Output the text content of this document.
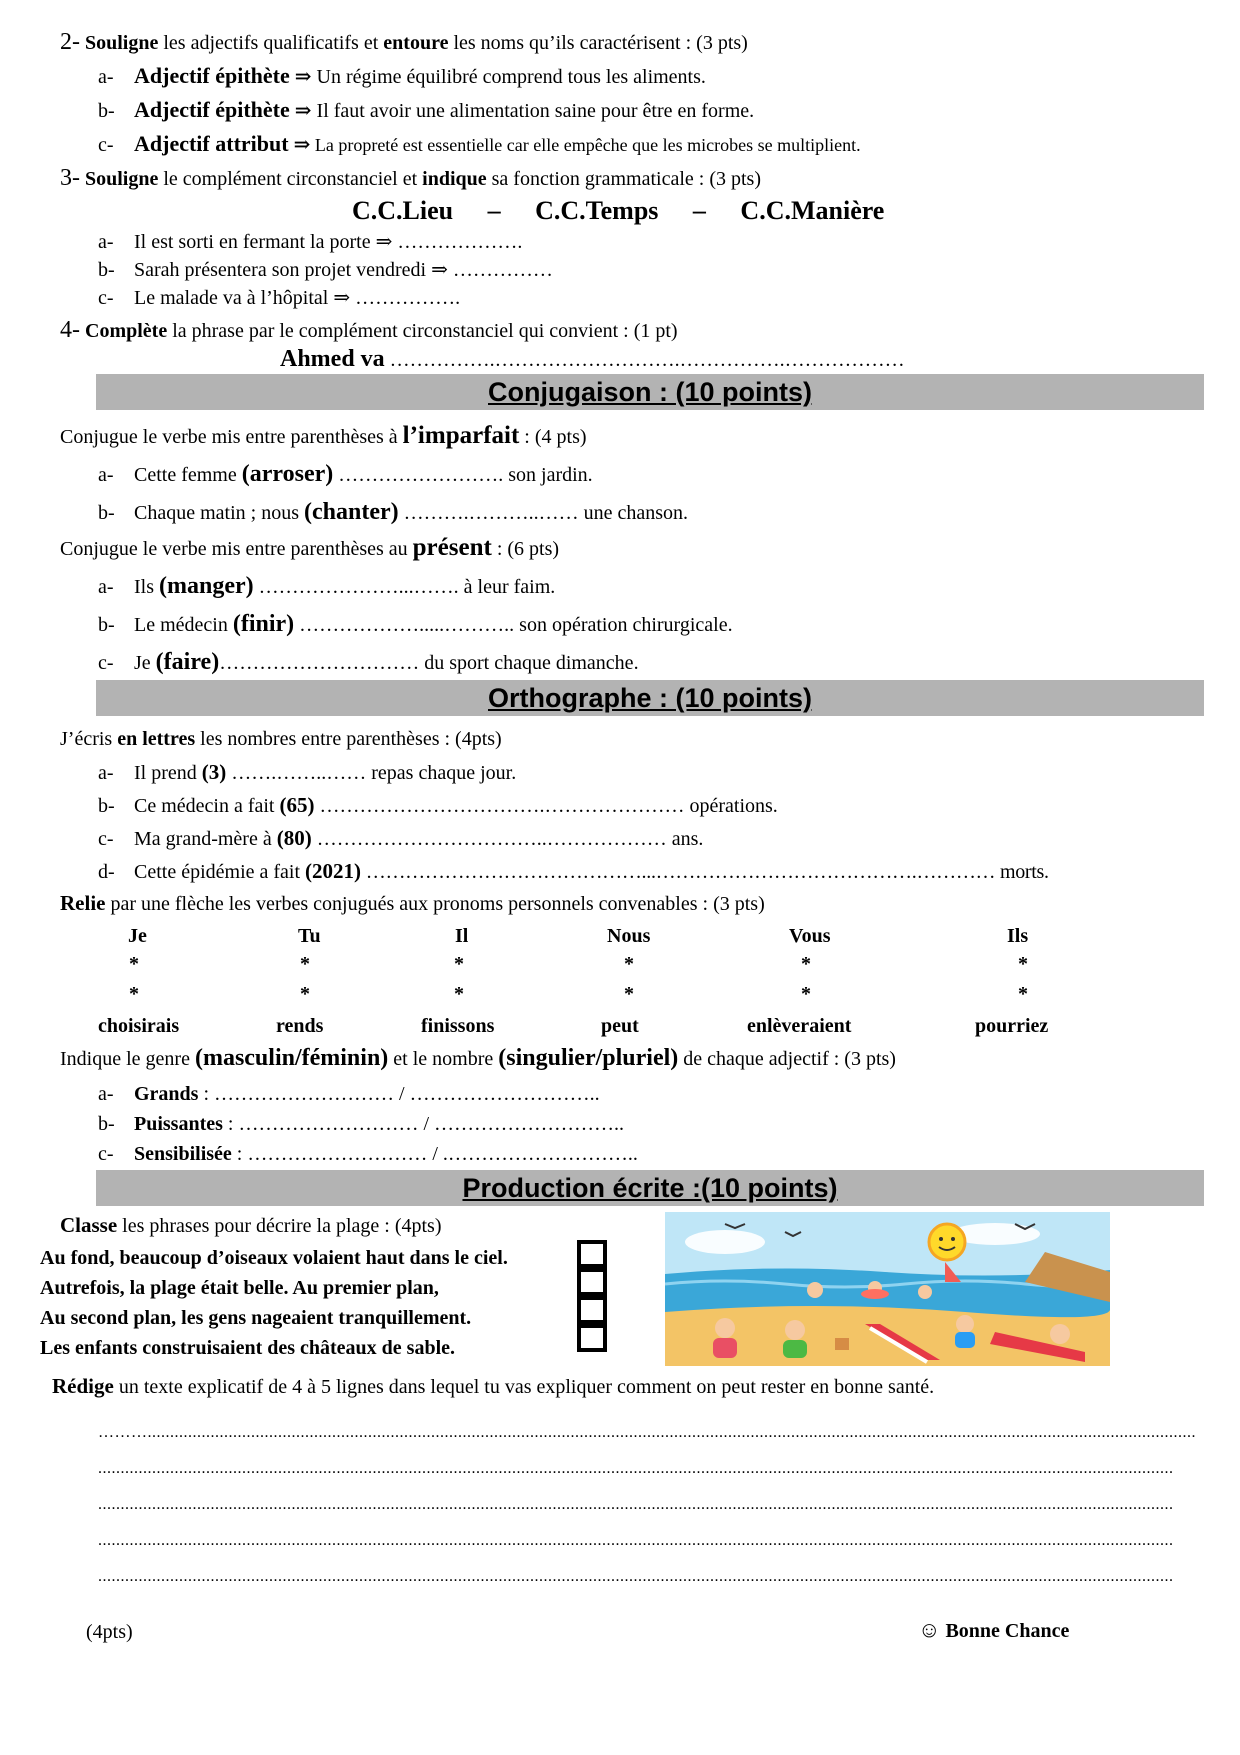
2- Souligne les adjectifs qualificatifs et entoure les noms qu’ils caractérisent : (3 pts)
a- Adjectif épithète ⇒ Un régime équilibré comprend tous les aliments.
b- Adjectif épithète ⇒ Il faut avoir une alimentation saine pour être en forme.
c- Adjectif attribut ⇒ La propreté est essentielle car elle empêche que les microbes se multiplient.
3- Souligne le complément circonstanciel et indique sa fonction grammaticale : (3 pts)
C.C.Lieu – C.C.Temps – C.C.Manière
a- Il est sorti en fermant la porte ⇒ ……………….
b- Sarah présentera son projet vendredi ⇒ ……………
c- Le malade va à l’hôpital ⇒ …………….
4- Complète la phrase par le complément circonstanciel qui convient : (1 pt)
Ahmed va …………….……………………….…………….………………
Conjugaison : (10 points)
Conjugue le verbe mis entre parenthèses à l’imparfait : (4 pts)
a- Cette femme (arroser) ……………………. son jardin.
b- Chaque matin ; nous (chanter) ……….………..…… une chanson.
Conjugue le verbe mis entre parenthèses au présent : (6 pts)
a- Ils (manger) …………………...……. à leur faim.
b- Le médecin (finir) ……………….....……….. son opération chirurgicale.
c- Je (faire)………………………… du sport chaque dimanche.
Orthographe : (10 points)
J’écris en lettres les nombres entre parenthèses : (4pts)
a- Il prend (3) …….……..…… repas chaque jour.
b- Ce médecin a fait (65) …………………………….………………… opérations.
c- Ma grand-mère à (80) ……………………………..……………… ans.
d- Cette épidémie a fait (2021) ……………………………………...………………………………….………… morts.
Relie par une flèche les verbes conjugués aux pronoms personnels convenables : (3 pts)
Je	Tu	Il	Nous	Vous	Ils
*	*	*	*	*	*
*	*	*	*	*	*
choisirais	rends	finissons	peut	enlèveraient	pourriez
Indique le genre (masculin/féminin) et le nombre (singulier/pluriel) de chaque adjectif : (3 pts)
a- Grands : ……………………… / ………………………..
b- Puissantes : ……………………… / ………………………..
c- Sensibilisée : ……………………… / .………………………..
Production écrite :(10 points)
Classe les phrases pour décrire la plage : (4pts)
Au fond, beaucoup d’oiseaux volaient haut dans le ciel.
Autrefois, la plage était belle. Au premier plan,
Au second plan, les gens nageaient tranquillement.
Les enfants construisaient des châteaux de sable.
Rédige un texte explicatif de 4 à 5 lignes dans lequel tu vas expliquer comment on peut rester en bonne santé.
……….........................................................................................................................................................................................................................................
...............................................................................................................................................................................................................................................
...............................................................................................................................................................................................................................................
...............................................................................................................................................................................................................................................
...............................................................................................................................................................................................................................................
(4pts)	☺ Bonne Chance
